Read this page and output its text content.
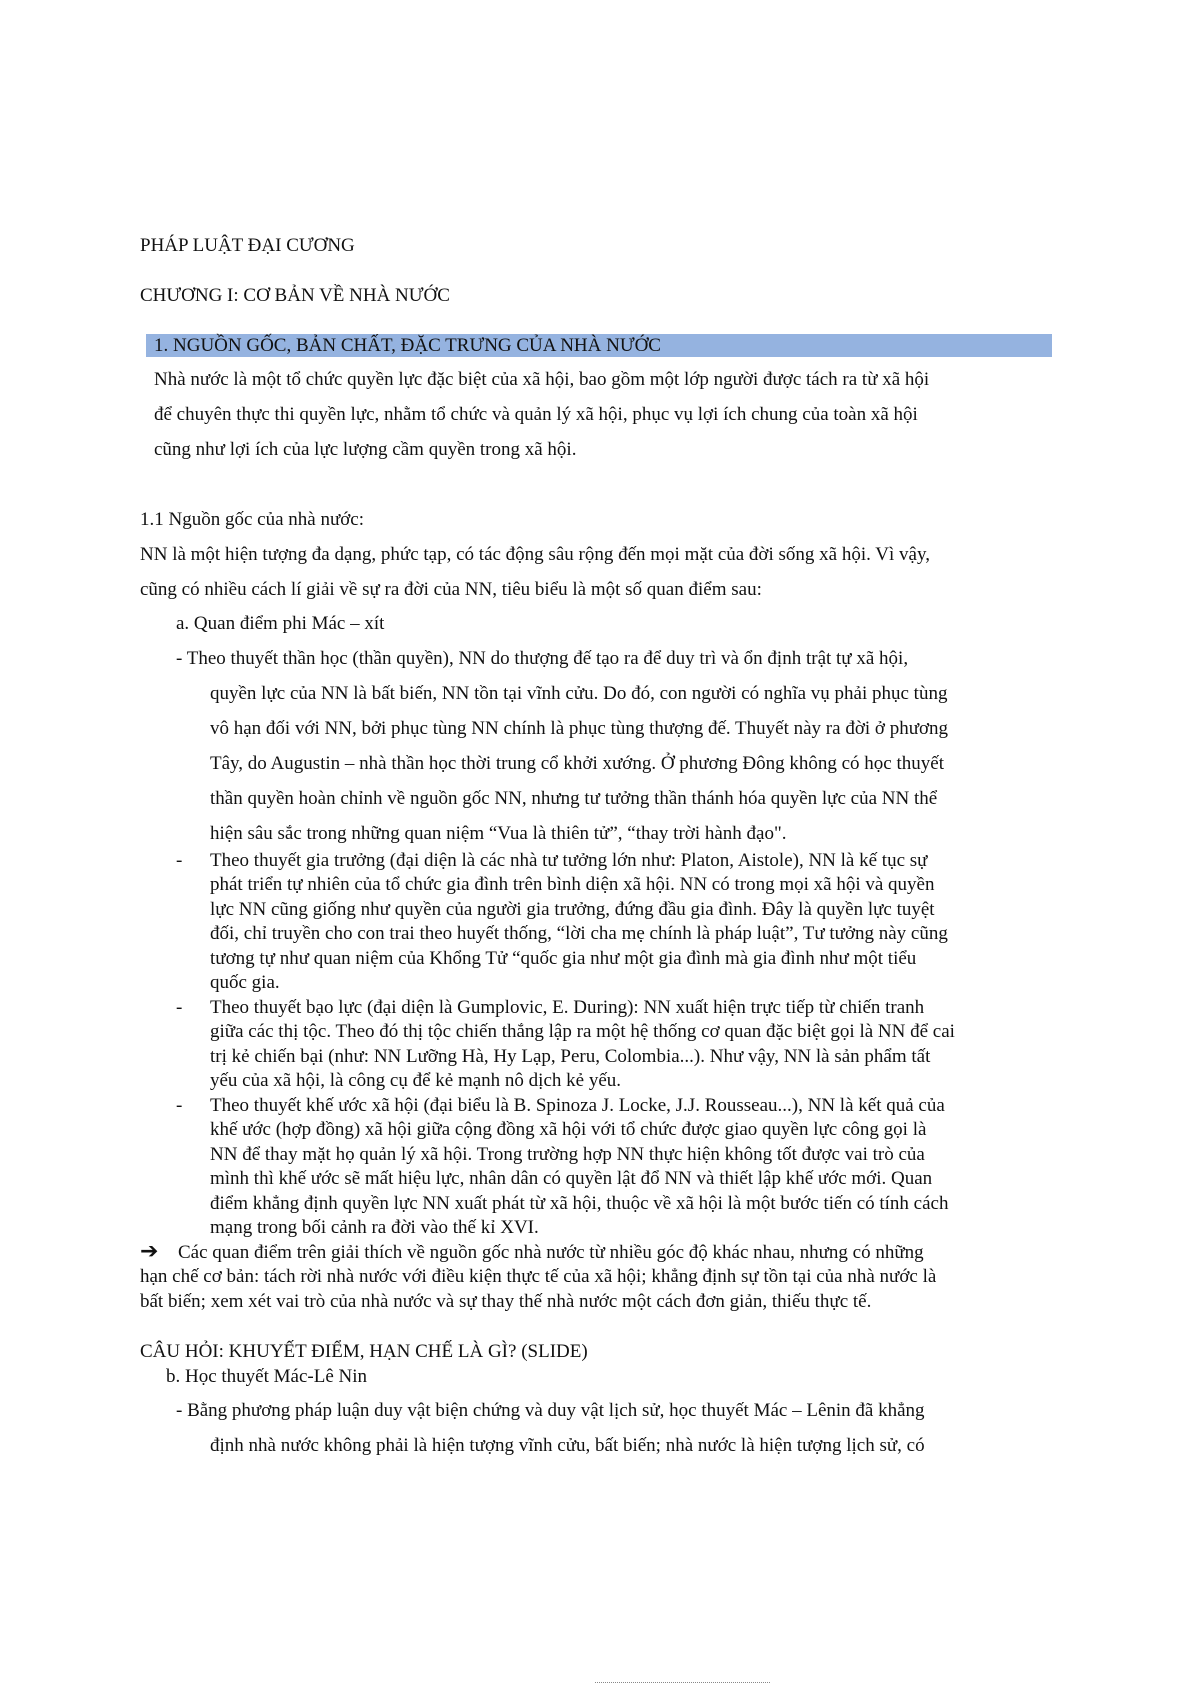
PHÁP LUẬT ĐẠI CƯƠNG
CHƯƠNG I: CƠ BẢN VỀ NHÀ NƯỚC
1. NGUỒN GỐC, BẢN CHẤT, ĐẶC TRƯNG CỦA NHÀ NƯỚC
Nhà nước là một tổ chức quyền lực đặc biệt của xã hội, bao gồm một lớp người được tách ra từ xã hội
để chuyên thực thi quyền lực, nhằm tổ chức và quản lý xã hội, phục vụ lợi ích chung của toàn xã hội
cũng như lợi ích của lực lượng cầm quyền trong xã hội.
1.1 Nguồn gốc của nhà nước:
NN là một hiện tượng đa dạng, phức tạp, có tác động sâu rộng đến mọi mặt của đời sống xã hội. Vì vậy,
cũng có nhiều cách lí giải về sự ra đời của NN, tiêu biểu là một số quan điểm sau:
a. Quan điểm phi Mác – xít
- Theo thuyết thần học (thần quyền), NN do thượng đế tạo ra để duy trì và ổn định trật tự xã hội,
quyền lực của NN là bất biến, NN tồn tại vĩnh cửu. Do đó, con người có nghĩa vụ phải phục tùng
vô hạn đối với NN, bởi phục tùng NN chính là phục tùng thượng đế. Thuyết này ra đời ở phương
Tây, do Augustin – nhà thần học thời trung cổ khởi xướng. Ở phương Đông không có học thuyết
thần quyền hoàn chỉnh về nguồn gốc NN, nhưng tư tưởng thần thánh hóa quyền lực của NN thể
hiện sâu sắc trong những quan niệm “Vua là thiên tử”, “thay trời hành đạo".
- Theo thuyết gia trưởng (đại diện là các nhà tư tưởng lớn như: Platon, Aistole), NN là kế tục sự
phát triển tự nhiên của tổ chức gia đình trên bình diện xã hội. NN có trong mọi xã hội và quyền
lực NN cũng giống như quyền của người gia trưởng, đứng đầu gia đình. Đây là quyền lực tuyệt
đối, chỉ truyền cho con trai theo huyết thống, “lời cha mẹ chính là pháp luật”, Tư tưởng này cũng
tương tự như quan niệm của Khổng Tử “quốc gia như một gia đình mà gia đình như một tiểu
quốc gia.
- Theo thuyết bạo lực (đại diện là Gumplovic, E. During): NN xuất hiện trực tiếp từ chiến tranh
giữa các thị tộc. Theo đó thị tộc chiến thắng lập ra một hệ thống cơ quan đặc biệt gọi là NN để cai
trị kẻ chiến bại (như: NN Lưỡng Hà, Hy Lạp, Peru, Colombia...). Như vậy, NN là sản phẩm tất
yếu của xã hội, là công cụ để kẻ mạnh nô dịch kẻ yếu.
- Theo thuyết khế ước xã hội (đại biểu là B. Spinoza J. Locke, J.J. Rousseau...), NN là kết quả của
khế ước (hợp đồng) xã hội giữa cộng đồng xã hội với tổ chức được giao quyền lực công gọi là
NN để thay mặt họ quản lý xã hội. Trong trường hợp NN thực hiện không tốt được vai trò của
mình thì khế ước sẽ mất hiệu lực, nhân dân có quyền lật đổ NN và thiết lập khế ước mới. Quan
điểm khẳng định quyền lực NN xuất phát từ xã hội, thuộc về xã hội là một bước tiến có tính cách
mạng trong bối cảnh ra đời vào thế kỉ XVI.
➔ Các quan điểm trên giải thích về nguồn gốc nhà nước từ nhiều góc độ khác nhau, nhưng có những
hạn chế cơ bản: tách rời nhà nước với điều kiện thực tế của xã hội; khẳng định sự tồn tại của nhà nước là
bất biến; xem xét vai trò của nhà nước và sự thay thế nhà nước một cách đơn giản, thiếu thực tế.
CÂU HỎI: KHUYẾT ĐIỂM, HẠN CHẾ LÀ GÌ? (SLIDE)
b. Học thuyết Mác-Lê Nin
- Bằng phương pháp luận duy vật biện chứng và duy vật lịch sử, học thuyết Mác – Lênin đã khẳng
định nhà nước không phải là hiện tượng vĩnh cửu, bất biến; nhà nước là hiện tượng lịch sử, có
